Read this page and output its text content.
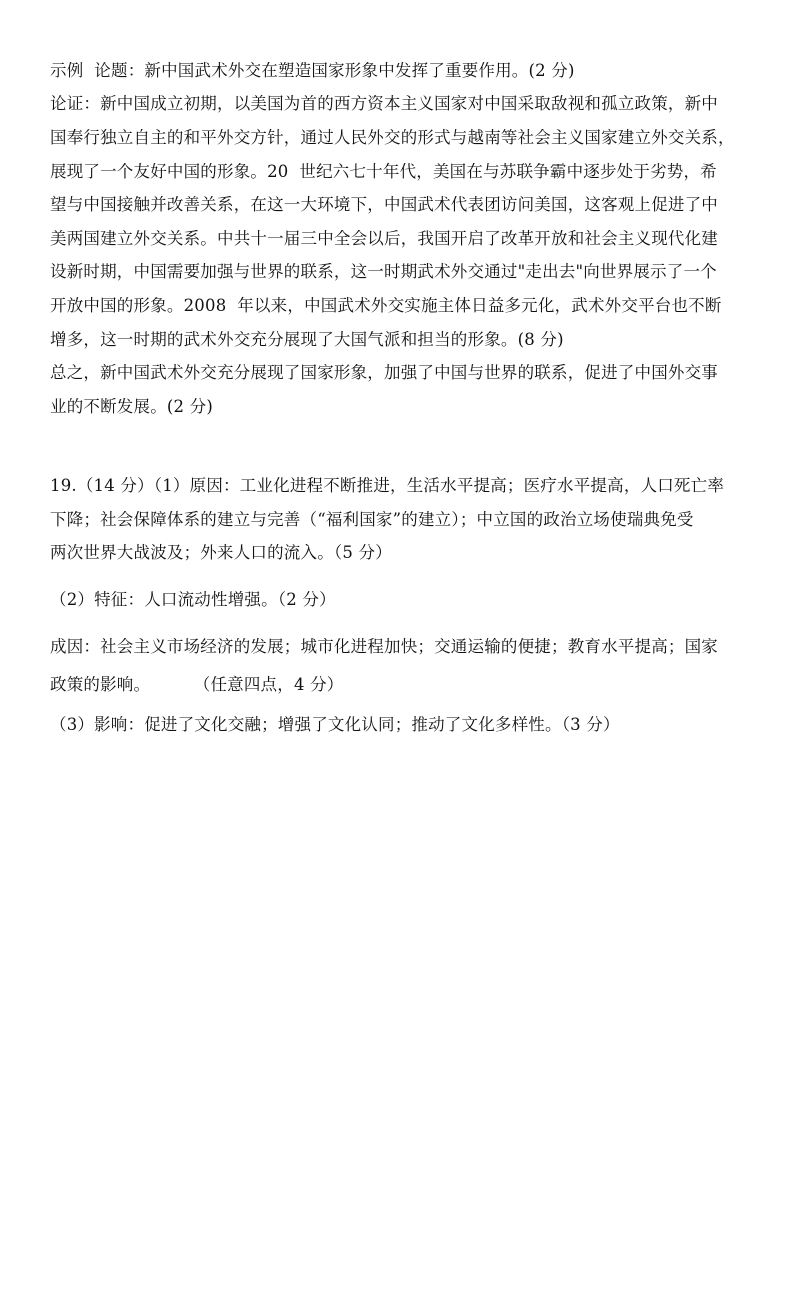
示例  论题：新中国武术外交在塑造国家形象中发挥了重要作用。(2 分)
论证：新中国成立初期，以美国为首的西方资本主义国家对中国采取敌视和孤立政策，新中
国奉行独立自主的和平外交方针，通过人民外交的形式与越南等社会主义国家建立外交关系，
展现了一个友好中国的形象。20  世纪六七十年代，美国在与苏联争霸中逐步处于劣势，希
望与中国接触并改善关系，在这一大环境下，中国武术代表团访问美国，这客观上促进了中
美两国建立外交关系。中共十一届三中全会以后，我国开启了改革开放和社会主义现代化建
设新时期，中国需要加强与世界的联系，这一时期武术外交通过"走出去"向世界展示了一个
开放中国的形象。2008  年以来，中国武术外交实施主体日益多元化，武术外交平台也不断
增多，这一时期的武术外交充分展现了大国气派和担当的形象。(8 分)
总之，新中国武术外交充分展现了国家形象，加强了中国与世界的联系，促进了中国外交事
业的不断发展。(2 分)
19.（14 分）（1）原因：工业化进程不断推进，生活水平提高；医疗水平提高，人口死亡率
下降；社会保障体系的建立与完善（“福利国家”的建立）；中立国的政治立场使瑞典免受
两次世界大战波及；外来人口的流入。（5 分）
（2）特征：人口流动性增强。（2 分）
成因：社会主义市场经济的发展；城市化进程加快；交通运输的便捷；教育水平提高；国家
政策的影响。        （任意四点，4 分）
（3）影响：促进了文化交融；增强了文化认同；推动了文化多样性。（3 分）
